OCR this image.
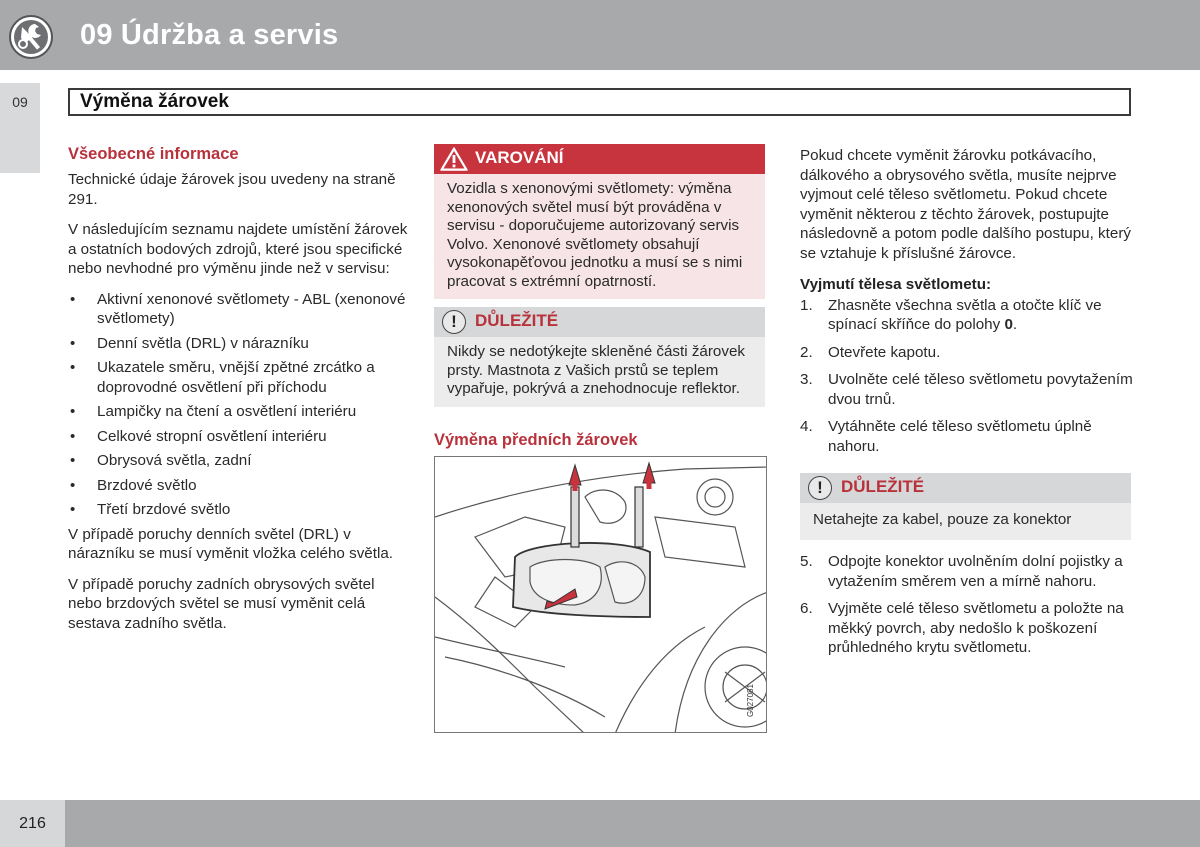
09 Údržba a servis
09	Výměna žárovek
Všeobecné informace
Technické údaje žárovek jsou uvedeny na straně 291.
V následujícím seznamu najdete umístění žárovek a ostatních bodových zdrojů, které jsou specifické nebo nevhodné pro výměnu jinde než v servisu:
• Aktivní xenonové světlomety - ABL (xenonové světlomety)
• Denní světla (DRL) v nárazníku
• Ukazatele směru, vnější zpětné zrcátko a doprovodné osvětlení při příchodu
• Lampičky na čtení a osvětlení interiéru
• Celkové stropní osvětlení interiéru
• Obrysová světla, zadní
• Brzdové světlo
• Třetí brzdové světlo
V případě poruchy denních světel (DRL) v nárazníku se musí vyměnit vložka celého světla.
V případě poruchy zadních obrysových světel nebo brzdových světel se musí vyměnit celá sestava zadního světla.
VAROVÁNÍ
Vozidla s xenonovými světlomety: výměna xenonových světel musí být prováděna v servisu - doporučujeme autorizovaný servis Volvo. Xenonové světlomety obsahují vysokonapěťovou jednotku a musí se s nimi pracovat s extrémní opatrností.
!	DŮLEŽITÉ
Nikdy se nedotýkejte skleněné části žárovek prsty. Mastnota z Vašich prstů se teplem vypařuje, pokrývá a znehodnocuje reflektor.
Výměna předních žárovek
G027081
Pokud chcete vyměnit žárovku potkávacího, dálkového a obrysového světla, musíte nejprve vyjmout celé těleso světlometu. Pokud chcete vyměnit některou z těchto žárovek, postupujte následovně a potom podle dalšího postupu, který se vztahuje k příslušné žárovce.
Vyjmutí tělesa světlometu:
1. Zhasněte všechna světla a otočte klíč ve spínací skříňce do polohy 0.
2. Otevřete kapotu.
3. Uvolněte celé těleso světlometu povytažením dvou trnů.
4. Vytáhněte celé těleso světlometu úplně nahoru.
!	DŮLEŽITÉ
Netahejte za kabel, pouze za konektor
5. Odpojte konektor uvolněním dolní pojistky a vytažením směrem ven a mírně nahoru.
6. Vyjměte celé těleso světlometu a položte na měkký povrch, aby nedošlo k poškození průhledného krytu světlometu.
216
